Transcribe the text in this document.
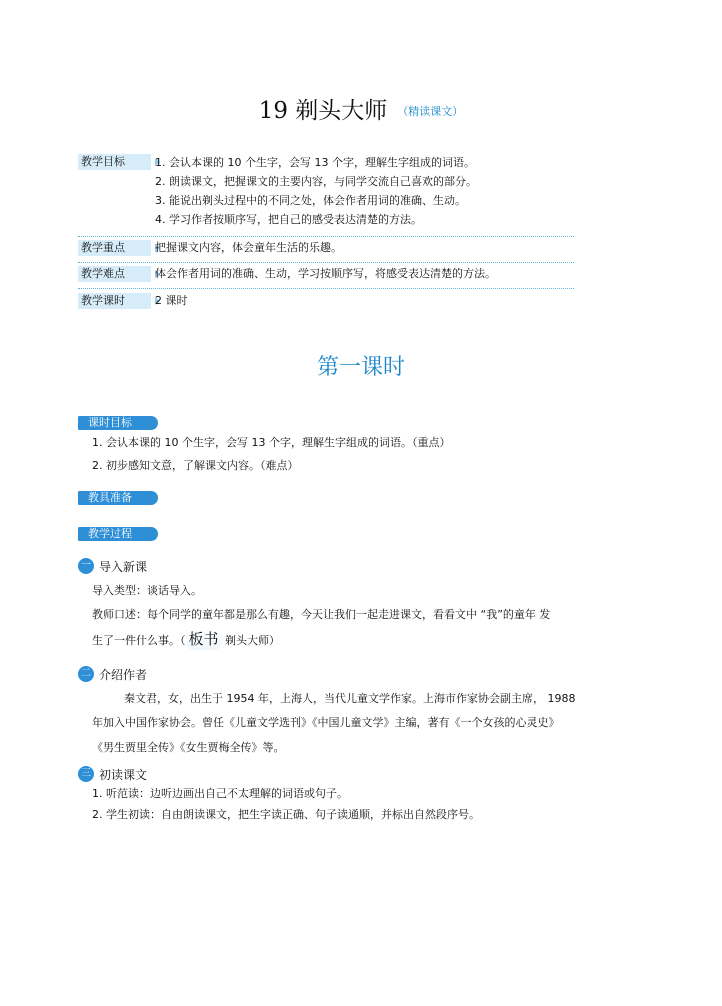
19 剃头大师 $^{(精读课文)}$
教学目标	1. 会认本课的 10 个生字，会写 13 个字，理解生字组成的词语。
2. 朗读课文，把握课文的主要内容，与同学交流自己喜欢的部分。
3. 能说出剃头过程中的不同之处，体会作者用词的准确、生动。
4. 学习作者按顺序写，把自己的感受表达清楚的方法。
教学重点	把握课文内容，体会童年生活的乐趣。
教学难点	体会作者用词的准确、生动，学习按顺序写，将感受表达清楚的方法。
教学课时	2 课时
第一课时
课时目标
1. 会认本课的 10 个生字，会写 13 个字，理解生字组成的词语。（重点）
2. 初步感知文意，了解课文内容。（难点）
教具准备
教学过程
一 导入新课
导入类型：谈话导入。
教师口述：每个同学的童年都是那么有趣，今天让我们一起走进课文，看看文中 “我”的童年 发
生了一件什么事。（ 板书 剃头大师）
二 介绍作者
秦文君，女，出生于 1954 年，上海人，当代儿童文学作家。上海市作家协会副主席， 1988
年加入中国作家协会。曾任《儿童文学选刊》《中国儿童文学》主编，著有《一个女孩的心灵史》
《男生贾里全传》《女生贾梅全传》等。
三 初读课文
1. 听范读：边听边画出自己不太理解的词语或句子。
2. 学生初读：自由朗读课文，把生字读正确、句子读通顺，并标出自然段序号。
